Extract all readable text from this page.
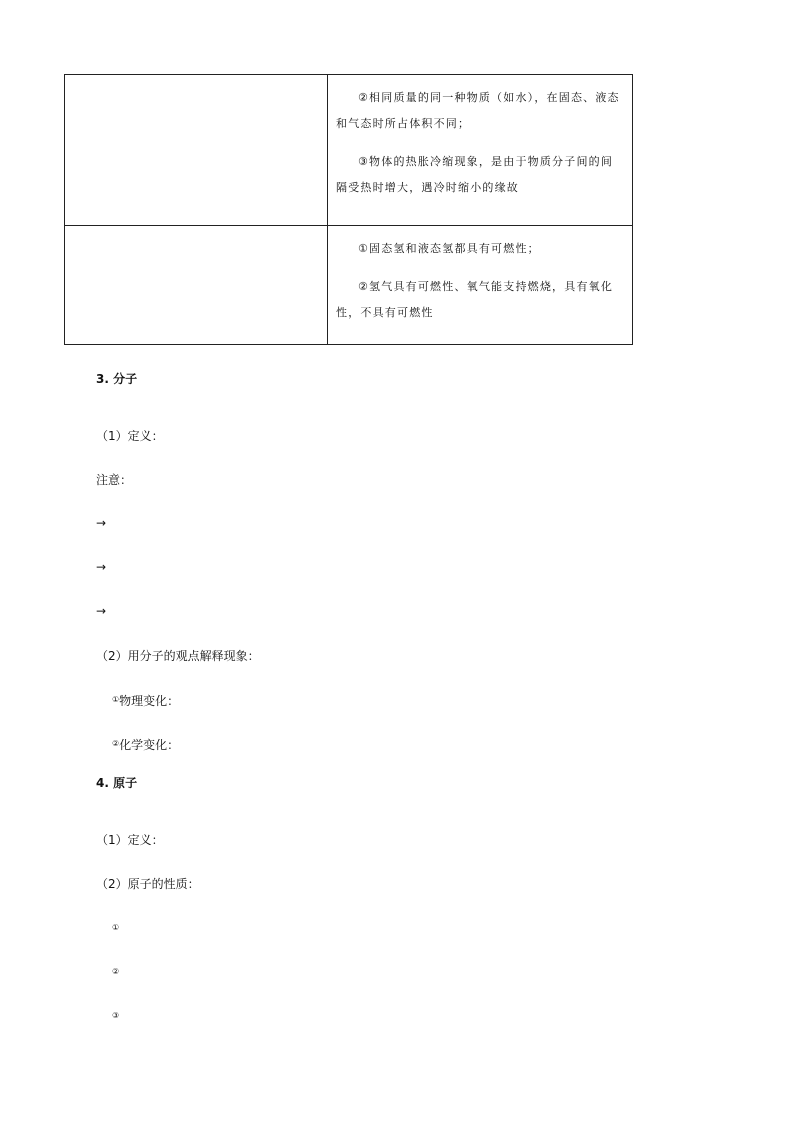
	②相同质量的同一种物质（如水），在固态、液态和气态时所占体积不同；

③物体的热胀冷缩现象，是由于物质分子间的间隔受热时增大，遇冷时缩小的缘故

	①固态氢和液态氢都具有可燃性；

②氢气具有可燃性、氧气能支持燃烧，具有氧化性，不具有可燃性

3. 分子
（1）定义：
注意：
→
→
→
（2）用分子的观点解释现象：
①物理变化：
②化学变化：
4. 原子
（1）定义：
（2）原子的性质：
①
②
③
